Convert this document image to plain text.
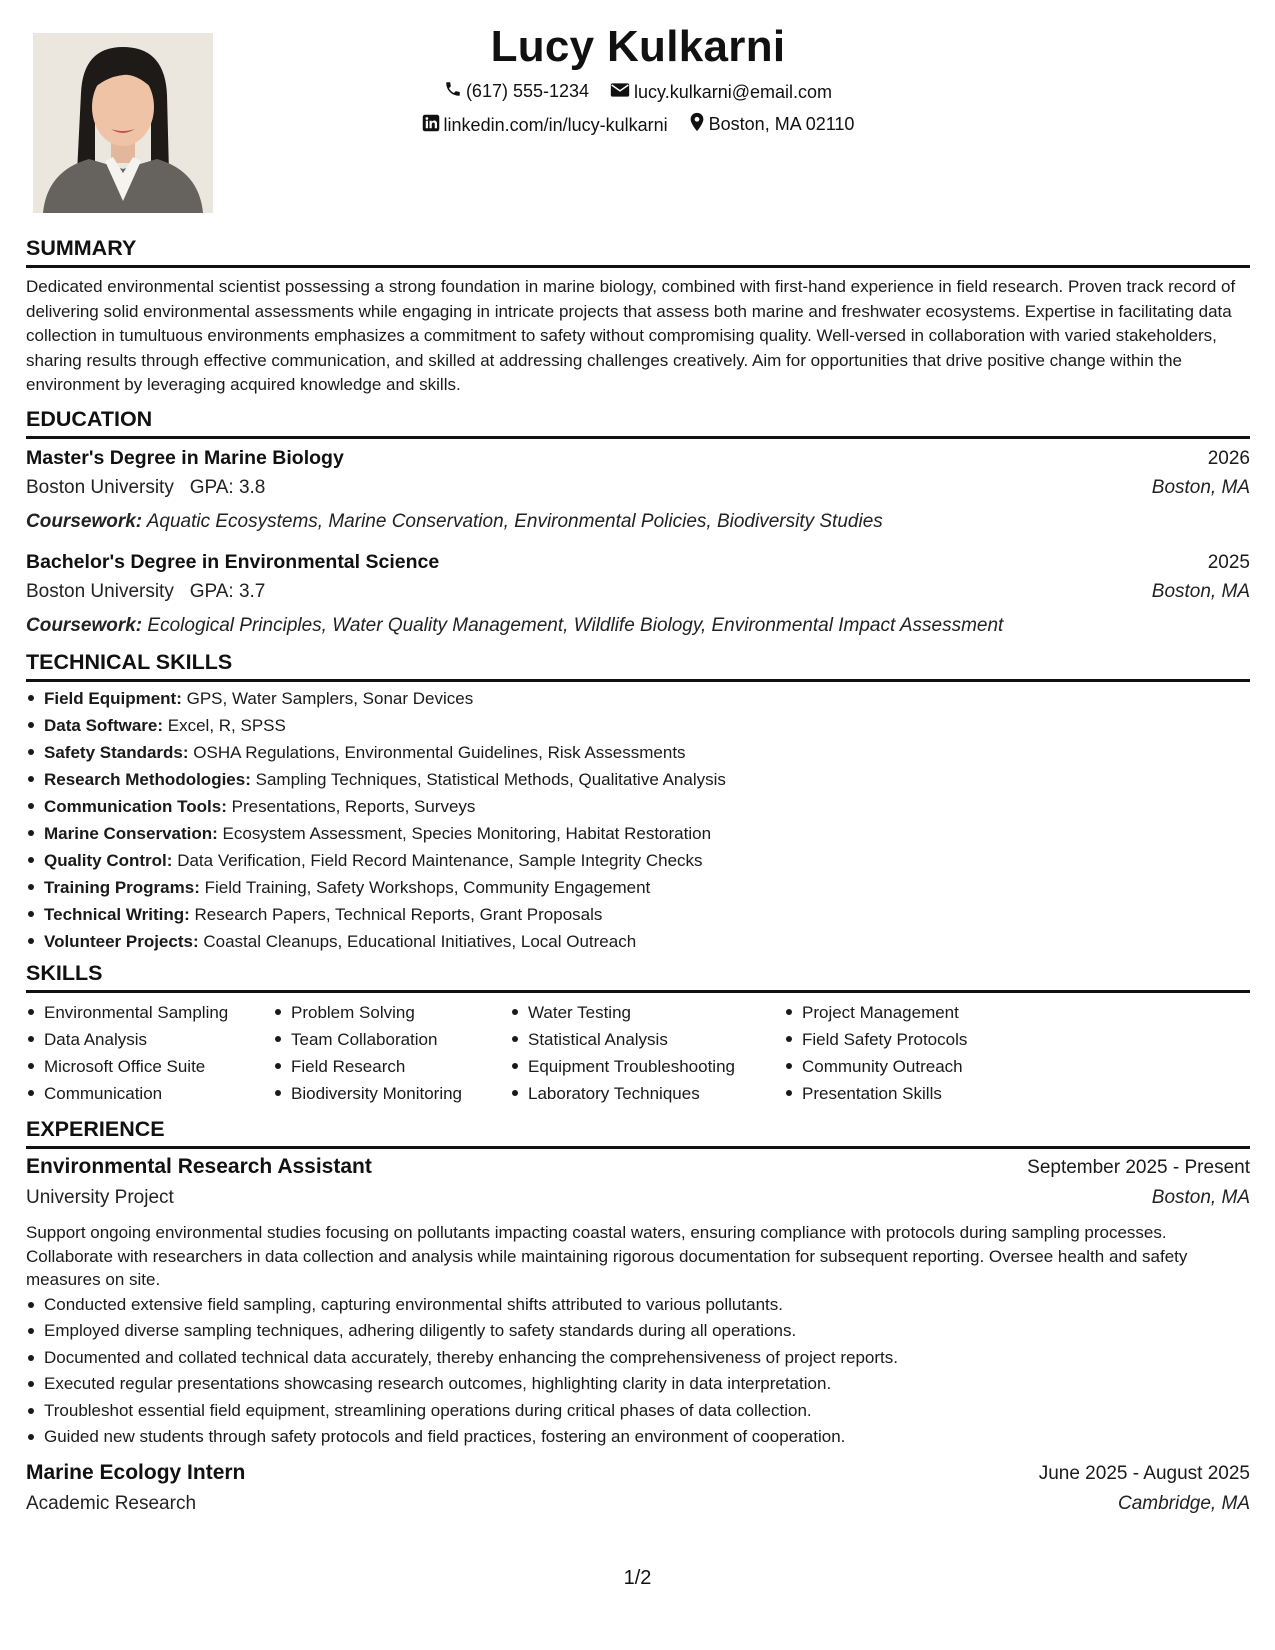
Lucy Kulkarni
(617) 555-1234
	lucy.kulkarni@email.com
linkedin.com/in/lucy-kulkarni
Boston, MA 02110
SUMMARY
Dedicated environmental scientist possessing a strong foundation in marine biology, combined with first-hand experience in field research. Proven track record of delivering solid environmental assessments while engaging in intricate projects that assess both marine and freshwater ecosystems. Expertise in facilitating data collection in tumultuous environments emphasizes a commitment to safety without compromising quality. Well-versed in collaboration with varied stakeholders, sharing results through effective communication, and skilled at addressing challenges creatively. Aim for opportunities that drive positive change within the environment by leveraging acquired knowledge and skills.
EDUCATION
Master's Degree in Marine Biology	2026
Boston University GPA: 3.8	Boston, MA
Coursework: Aquatic Ecosystems, Marine Conservation, Environmental Policies, Biodiversity Studies
Bachelor's Degree in Environmental Science	2025
Boston University GPA: 3.7	Boston, MA
Coursework: Ecological Principles, Water Quality Management, Wildlife Biology, Environmental Impact Assessment
TECHNICAL SKILLS
Field Equipment: GPS, Water Samplers, Sonar Devices
Data Software: Excel, R, SPSS
Safety Standards: OSHA Regulations, Environmental Guidelines, Risk Assessments
Research Methodologies: Sampling Techniques, Statistical Methods, Qualitative Analysis
Communication Tools: Presentations, Reports, Surveys
Marine Conservation: Ecosystem Assessment, Species Monitoring, Habitat Restoration
Quality Control: Data Verification, Field Record Maintenance, Sample Integrity Checks
Training Programs: Field Training, Safety Workshops, Community Engagement
Technical Writing: Research Papers, Technical Reports, Grant Proposals
Volunteer Projects: Coastal Cleanups, Educational Initiatives, Local Outreach
SKILLS
Environmental Sampling
Data Analysis
Microsoft Office Suite
Communication
Problem Solving
Team Collaboration
Field Research
Biodiversity Monitoring
Water Testing
Statistical Analysis
Equipment Troubleshooting
Laboratory Techniques
Project Management
Field Safety Protocols
Community Outreach
Presentation Skills
EXPERIENCE
Environmental Research Assistant	September 2025 - Present
University Project	Boston, MA
Support ongoing environmental studies focusing on pollutants impacting coastal waters, ensuring compliance with protocols during sampling processes. Collaborate with researchers in data collection and analysis while maintaining rigorous documentation for subsequent reporting. Oversee health and safety measures on site.
Conducted extensive field sampling, capturing environmental shifts attributed to various pollutants.
Employed diverse sampling techniques, adhering diligently to safety standards during all operations.
Documented and collated technical data accurately, thereby enhancing the comprehensiveness of project reports.
Executed regular presentations showcasing research outcomes, highlighting clarity in data interpretation.
Troubleshot essential field equipment, streamlining operations during critical phases of data collection.
Guided new students through safety protocols and field practices, fostering an environment of cooperation.
Marine Ecology Intern	June 2025 - August 2025
Academic Research	Cambridge, MA
1/2
